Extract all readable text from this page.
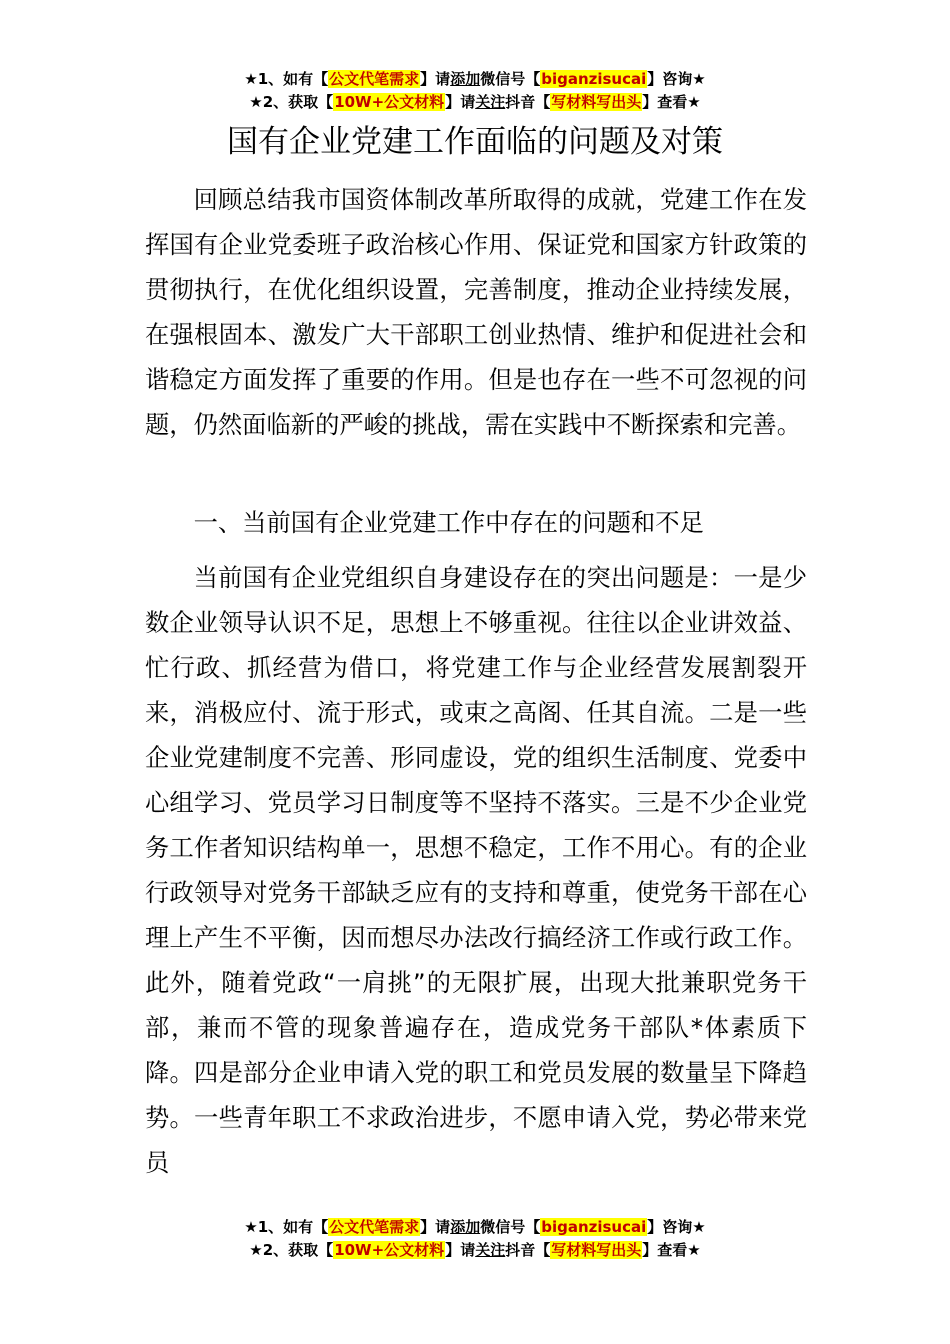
★1、如有【公文代笔需求】请添加微信号【biganzisucai】咨询★
★2、获取【10W+公文材料】请关注抖音【写材料写出头】查看★
国有企业党建工作面临的问题及对策

回顾总结我市国资体制改革所取得的成就，党建工作在发挥国有企业党委班子政治核心作用、保证党和国家方针政策的贯彻执行，在优化组织设置，完善制度，推动企业持续发展，在强根固本、激发广大干部职工创业热情、维护和促进社会和谐稳定方面发挥了重要的作用。但是也存在一些不可忽视的问题，仍然面临新的严峻的挑战，需在实践中不断探索和完善。

一、当前国有企业党建工作中存在的问题和不足

当前国有企业党组织自身建设存在的突出问题是：一是少数企业领导认识不足，思想上不够重视。往往以企业讲效益、忙行政、抓经营为借口，将党建工作与企业经营发展割裂开来，消极应付、流于形式，或束之高阁、任其自流。二是一些企业党建制度不完善、形同虚设，党的组织生活制度、党委中心组学习、党员学习日制度等不坚持不落实。三是不少企业党务工作者知识结构单一，思想不稳定，工作不用心。有的企业行政领导对党务干部缺乏应有的支持和尊重，使党务干部在心理上产生不平衡，因而想尽办法改行搞经济工作或行政工作。此外，随着党政“一肩挑”的无限扩展，出现大批兼职党务干部，兼而不管的现象普遍存在，造成党务干部队*体素质下降。四是部分企业申请入党的职工和党员发展的数量呈下降趋势。一些青年职工不求政治进步，不愿申请入党，势必带来党员

★1、如有【公文代笔需求】请添加微信号【biganzisucai】咨询★
★2、获取【10W+公文材料】请关注抖音【写材料写出头】查看★
